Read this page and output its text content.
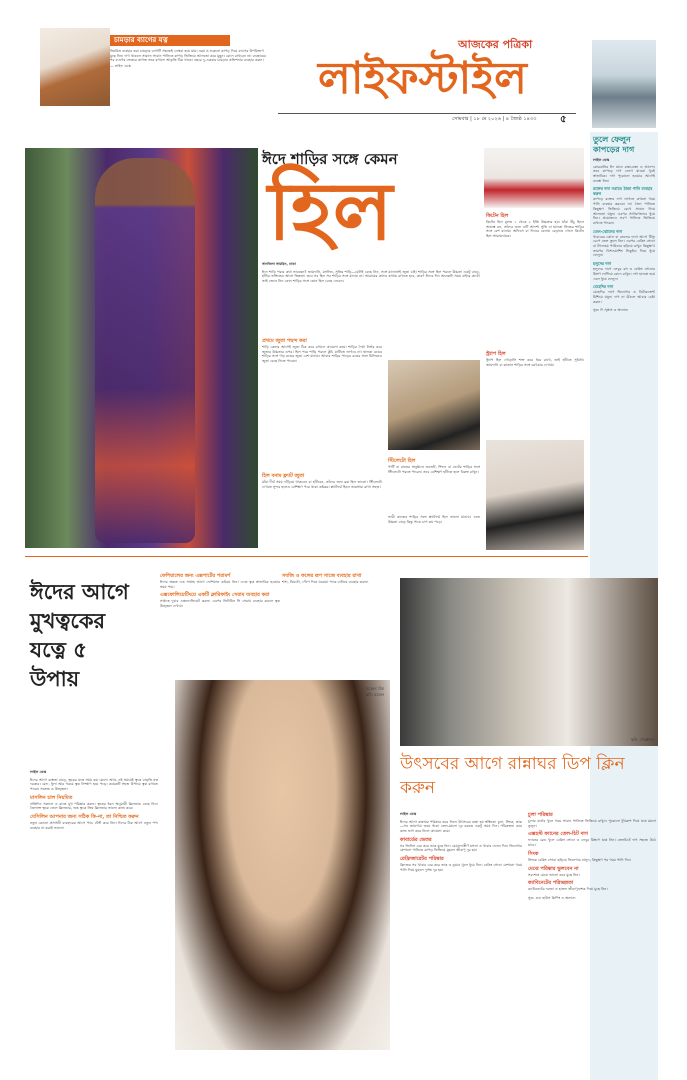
চামড়ার ব্যাগের যত্ন
নিয়মিত ব্যবহার করা চামড়ার ব্যাগটি সহজেই নোংরা হয়ে যায়। নরম ও শুকনো কাপড় দিয়ে ব্যাগের উপরিভাগ মুছে নিন। দাগ থাকলে সামান্য সাবান পানিতে কাপড় ভিজিয়ে আলতো করে মুছুন। রোদে রাখবেন না। ব্যবহারের পর ব্যাগের ভেতরে কাগজ ভরে রাখলে আকৃতি ঠিক থাকে। বছরে দু-একবার চামড়ার কন্ডিশনার ব্যবহার করুন।
— লাইফ ডেস্ক
আজকের পত্রিকা
লাইফস্টাইল
সোমবার | ১৮ মে ২০২৬ | ৪ জ্যৈষ্ঠ ১৪৩৩ ৫
তুলে ফেলুন কাপড়ের দাগ
লাইফ ডেস্ক
কোরবানির ঈদ মানে রান্না-বান্না ও আনন্দ। তবে কাপড়ে দাগ লেগে যাওয়া খুবই স্বাভাবিক। দাগ পুরোনো হওয়ার আগেই ব্যবস্থা নিন।
রক্তের দাগ সরাতে ঠান্ডা পানি ব্যবহার করুন
কাপড়ে রক্তের দাগ লাগলে কখনো গরম পানি ব্যবহার করবেন না। ঠান্ডা পানিতে কিছুক্ষণ ভিজিয়ে রেখে সাবান দিয়ে আলতো ঘষুন। এরপর সাধারণভাবে ধুয়ে নিন। প্রয়োজনে লবণ পানিতে ভিজিয়ে রাখতে পারেন।
তেল-ঝোলের দাগ
খাবারের ঝোল বা তেলের দাগে আগে টিস্যু চেপে তেল তুলে নিন। এরপর বেকিং সোডা বা ট্যালকম পাউডার ছড়িয়ে রাখুন কিছুক্ষণ। তারপর ডিশওয়াশিং লিকুইড দিয়ে ধুয়ে ফেলুন।
হলুদের দাগ
হলুদের দাগে লেবুর রস ও বেকিং সোডার মিশ্রণ লাগিয়ে রোদে রাখুন। দাগ হালকা হয়ে এলে ধুয়ে ফেলুন।
মেহেদির দাগ
মেহেদির দাগে ভিনেগার ও ডিটারজেন্ট মিশিয়ে ঘষুন। দাগ না উঠলে আবার চেষ্টা করুন।
সূত্র: দি স্প্রুস ও অন্যান্য
ঈদে শাড়ির সঙ্গে কেমন
হিল
সানজিদা সামরিন, ঢাকা
ঈদে শাড়ি পরার কথা ভাবছেন? জামদানি, মসলিন, সুতির শাড়ি—যেটাই বেছে নিন, সঙ্গে মানানসই জুতা চাই। শাড়ির সঙ্গে হিল পরলে উচ্চতা একটু বাড়ে, হাঁটার ভঙ্গিতেও আসে ভিন্নতা। তবে সব হিল সব শাড়ির সঙ্গে মানায় না। আরামের কথাও মাথায় রাখতে হবে, কারণ ঈদের দিন অনেকটা সময় বাইরে কাটে। তাই জেনে নিন কোন শাড়ির সঙ্গে কোন হিল বেছে নেবেন।
প্রথমে জুতা পছন্দ করা
শাড়ি কেনার আগেই জুতা ঠিক করে রাখলে ঝামেলা কমে। শাড়ির দৈর্ঘ্য নির্ভর করে জুতার উচ্চতার ওপর। হিল পরে শাড়ি পরলে কুঁচি মাটিতে লাগবে না। হালকা রঙের শাড়ির সঙ্গে গাঢ় রঙের জুতা বেশ মানায়। আবার শাড়ির পাড়ের রঙের সঙ্গে মিলিয়েও জুতা বেছে নিতে পারেন।
হিল বনাম ফ্ল্যাট জুতা
যাঁরা দীর্ঘ সময় দাঁড়িয়ে থাকবেন বা হাঁটবেন, তাঁদের জন্য ব্লক হিল ভালো। স্টিলেটো দেখতে সুন্দর হলেও বেশিক্ষণ পরে থাকা কষ্টকর। প্ল্যাটফর্ম হিলে ভারসাম্য রাখা সহজ।
স্টিলেটো হিল
পার্টি বা রাতের অনুষ্ঠানে জর্জেট, শিফন বা নেটের শাড়ির সঙ্গে স্টিলেটো পরতে পারেন। তবে বেশিক্ষণ হাঁটতে হলে বিকল্প রাখুন।
কিটেন হিল
কিটেন হিল মূলত ১ থেকে ২ ইঞ্চি উচ্চতার হয়। যাঁরা উঁচু হিলে অভ্যস্ত নন, তাঁদের জন্য এটি আদর্শ। সুতি বা হালকা সিল্কের শাড়ির সঙ্গে বেশ মানায়। অফিসে বা দিনের বেলায় বেড়াতে গেলে কিটেন হিল আরামদায়ক।
স্ট্র্যাপ হিল
স্ট্র্যাপ হিল গোড়ালি শক্ত করে ধরে রাখে, তাই হাঁটতে সুবিধা। জামদানি বা কাতান শাড়ির সঙ্গে চমৎকার দেখায়।
ভারী কাজের শাড়ির সঙ্গে প্ল্যাটফর্ম হিল ভালো মানায়। এতে উচ্চতা বাড়ে কিন্তু পায়ে চাপ কম পড়ে।
ঈদের আগে মুখত্বকের যত্নে ৫ উপায়
লাইফ ডেস্ক
ঈদের আগে ব্যস্ততা বাড়ে, ত্বকের যত্নে সময় কম মেলে। অথচ এই সময়েই ত্বকে বাড়তি যত্ন দরকার। রোদ, ধুলা আর গরমে ত্বক নিষ্প্রাণ হয়ে পড়ে। কয়েকটি সহজ উপায়ে ত্বক রাখতে পারেন সতেজ ও উজ্জ্বল।
মাসলিন চাল নিয়মিত
প্রতিদিন সকালে ও রাতে মুখ পরিষ্কার করুন। ত্বকের ধরন অনুযায়ী ক্লিনজার বেছে নিন। তৈলাক্ত ত্বকে জেল ক্লিনজার, শুষ্ক ত্বকে ক্রিম ক্লিনজার ভালো কাজ করে।
যেসিলিন আপনার জন্য সঠিক কি-না, তা নিশ্চিত করুন
নতুন কোনো প্রসাধনী ব্যবহারের আগে প্যাচ টেস্ট করে নিন। ঈদের ঠিক আগে নতুন পণ্য ব্যবহার না করাই ভালো।
ফেশিয়ালের জন্য এক্সপার্টের পরামর্শ
ঈদের অন্তত এক সপ্তাহ আগে ফেশিয়াল করিয়ে নিন। এতে ত্বক স্বাভাবিক হওয়ার সময় পায়।
এক্সফোলিয়েটিংয়ে একটি ক্লারিফাইং সেরাম ব্যবহার করা
সপ্তাহে দুবার এক্সফোলিয়েট করুন। এরপর ভিটামিন সি সেরাম ব্যবহার করলে ত্বক উজ্জ্বল দেখায়।
সবজি ও ফলের রূপ সাজে ব্যবহার রাখা
শসা, টমেটো, পেঁপে দিয়ে ঘরোয়া প্যাক বানিয়ে ব্যবহার করুন।
মডেল: মিম
ছবি: মডেল
ছবি: পেক্সেলস
উৎসবের আগে রান্নাঘর ডিপ ক্লিন করুন
লাইফ ডেস্ক
ঈদের আগে রান্নাঘর পরিষ্কার করে নিলে উৎসবের রান্না হয় স্বস্তিতে। চুলা, সিংক, তাক—সব জায়গায় জমে থাকা তেল-ময়লা দূর করতে একটু সময় দিন। পরিকল্পনা করে কাজ ভাগ করে নিলে ঝামেলা কমে।
কাবার্ডের ভেতর
সব জিনিস বের করে তাক মুছে নিন। মেয়াদোত্তীর্ণ মসলা ও খাবার ফেলে দিন। ভিনেগার মেশানো পানিতে কাপড় ভিজিয়ে মুছলে জীবাণু দূর হয়।
রেফ্রিজারেটর পরিষ্কার
ফ্রিজের সব খাবার বের করে তাক ও ড্রয়ার খুলে ধুয়ে নিন। বেকিং সোডা মেশানো গরম পানি দিয়ে মুছলে দুর্গন্ধ দূর হয়।
চুলা পরিষ্কার
চুলার বার্নার খুলে গরম সাবান পানিতে ভিজিয়ে রাখুন। পুরোনো টুথব্রাশ দিয়ে ঘষে ময়লা তুলুন।
এক্সহস্ট ফ্যানের তেল-চিট দাগ
ফ্যানের ব্লেড খুলে বেকিং সোডা ও লেবুর মিশ্রণে ঘষে নিন। তেলচিটে দাগ সহজে উঠে যাবে।
সিংক
সিংকে বেকিং সোডা ছড়িয়ে ভিনেগার ঢালুন, কিছুক্ষণ পর গরম পানি দিন।
মেঝে পরিষ্কার ভুলবেন না
সবশেষে মেঝে ভালো করে মুছে নিন।
ক্যাবিনেটের পরিচ্ছন্নতা
ক্যাবিনেটের দরজা ও হাতল জীবাণুনাশক দিয়ে মুছে নিন।
সূত্র: গুড হাউস কিপিং ও অন্যান্য
